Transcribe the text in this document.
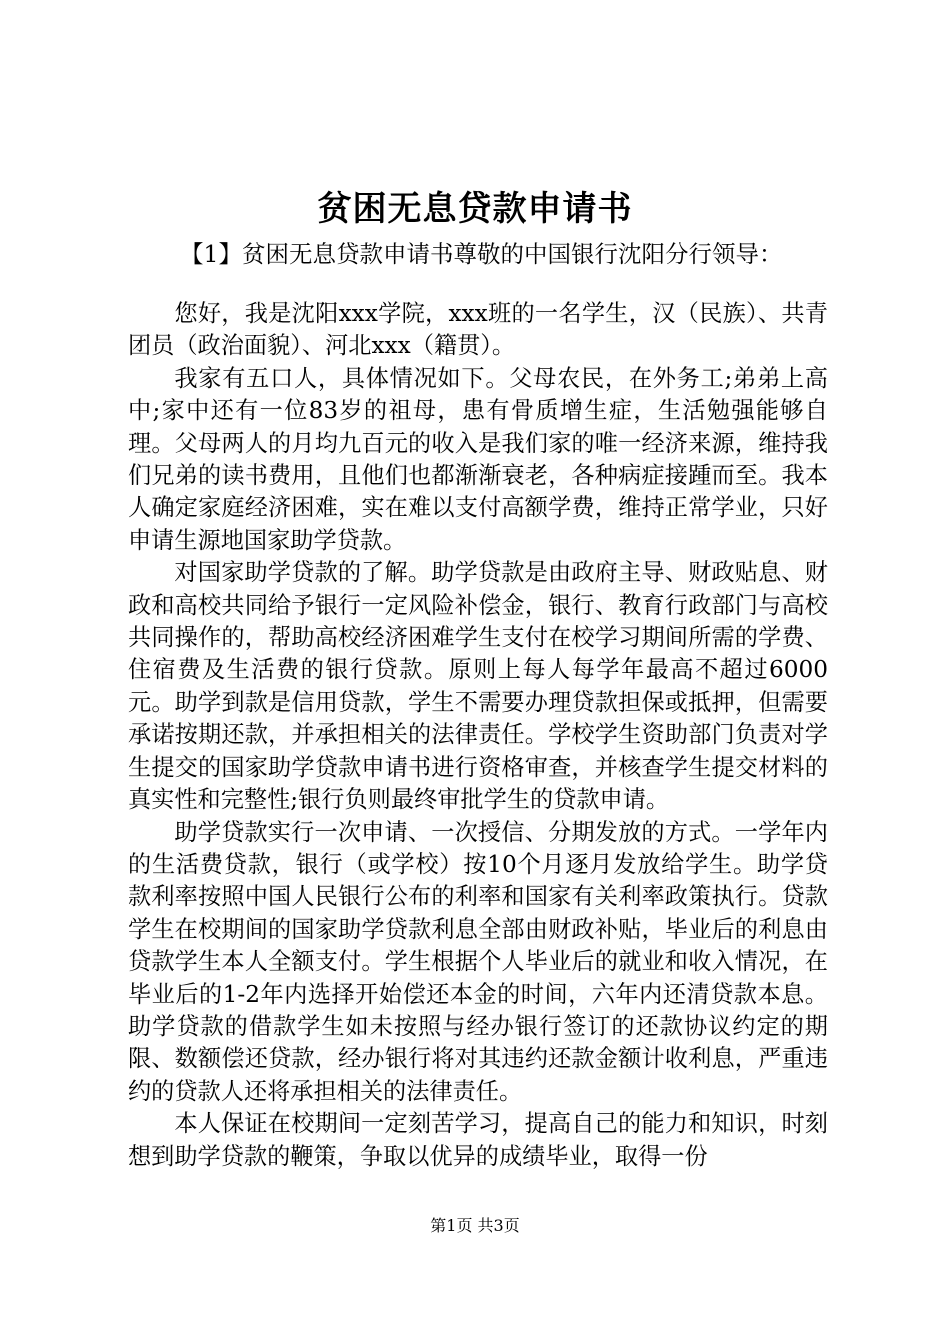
贫困无息贷款申请书
【1】贫困无息贷款申请书尊敬的中国银行沈阳分行领导：

您好，我是沈阳xxx学院，xxx班的一名学生，汉（民族）、共青团员（政治面貌）、河北xxx（籍贯）。

我家有五口人，具体情况如下。父母农民，在外务工;弟弟上高中;家中还有一位83岁的祖母，患有骨质增生症，生活勉强能够自理。父母两人的月均九百元的收入是我们家的唯一经济来源，维持我们兄弟的读书费用，且他们也都渐渐衰老，各种病症接踵而至。我本人确定家庭经济困难，实在难以支付高额学费，维持正常学业，只好申请生源地国家助学贷款。

对国家助学贷款的了解。助学贷款是由政府主导、财政贴息、财政和高校共同给予银行一定风险补偿金，银行、教育行政部门与高校共同操作的，帮助高校经济困难学生支付在校学习期间所需的学费、住宿费及生活费的银行贷款。原则上每人每学年最高不超过6000元。助学到款是信用贷款，学生不需要办理贷款担保或抵押，但需要承诺按期还款，并承担相关的法律责任。学校学生资助部门负责对学生提交的国家助学贷款申请书进行资格审查，并核查学生提交材料的真实性和完整性;银行负则最终审批学生的贷款申请。

助学贷款实行一次申请、一次授信、分期发放的方式。一学年内的生活费贷款，银行（或学校）按10个月逐月发放给学生。助学贷款利率按照中国人民银行公布的利率和国家有关利率政策执行。贷款学生在校期间的国家助学贷款利息全部由财政补贴，毕业后的利息由贷款学生本人全额支付。学生根据个人毕业后的就业和收入情况，在毕业后的1-2年内选择开始偿还本金的时间，六年内还清贷款本息。助学贷款的借款学生如未按照与经办银行签订的还款协议约定的期限、数额偿还贷款，经办银行将对其违约还款金额计收利息，严重违约的贷款人还将承担相关的法律责任。

本人保证在校期间一定刻苦学习，提高自己的能力和知识，时刻想到助学贷款的鞭策，争取以优异的成绩毕业，取得一份

第1页 共3页
